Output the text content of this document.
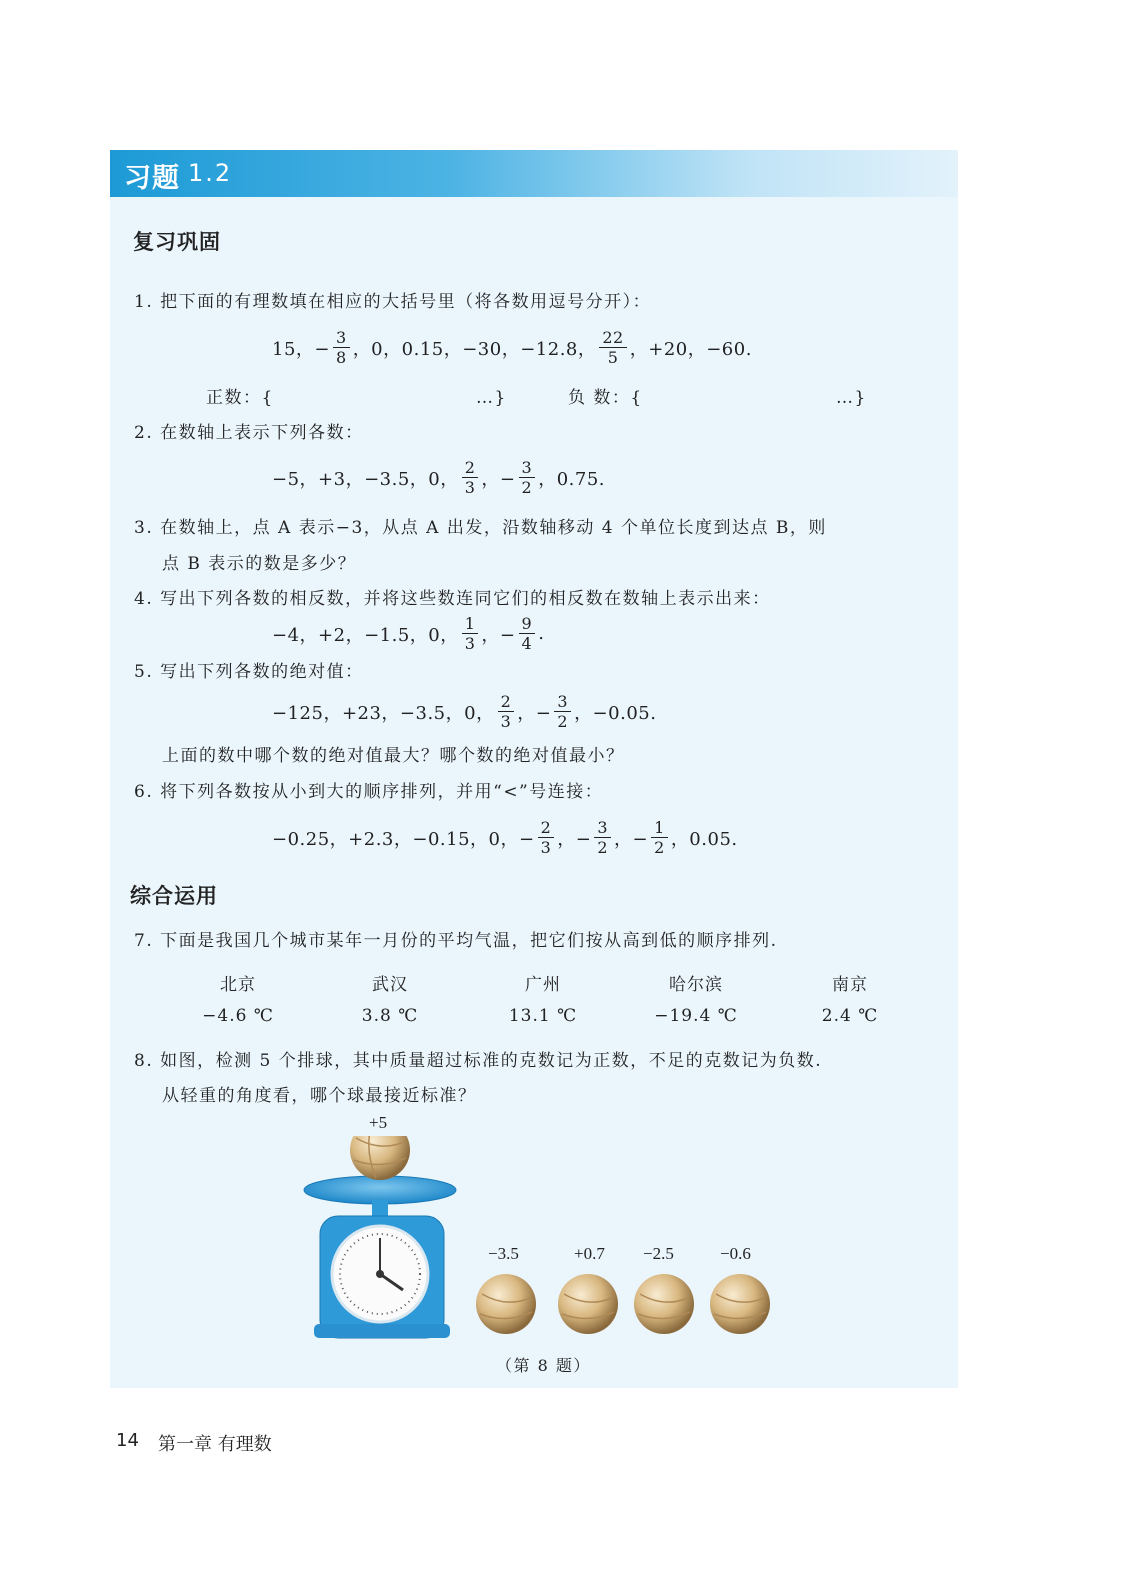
习题 1.2
复习巩固
1. 把下面的有理数填在相应的大括号里（将各数用逗号分开）：
15，− $\frac{3}{8}$ ，0，0.15，−30，−12.8， $\frac{22}{5}$ ，+20，−60.
正数：{	…}	负 数：{	…}
2. 在数轴上表示下列各数：
−5，+3，−3.5，0， $\frac{2}{3}$ ，− $\frac{3}{2}$ ，0.75.
3. 在数轴上，点 A 表示−3，从点 A 出发，沿数轴移动 4 个单位长度到达点 B，则
点 B 表示的数是多少？
4. 写出下列各数的相反数，并将这些数连同它们的相反数在数轴上表示出来：
−4，+2，−1.5，0， $\frac{1}{3}$ ，− $\frac{9}{4}$ .
5. 写出下列各数的绝对值：
−125，+23，−3.5，0， $\frac{2}{3}$ ，− $\frac{3}{2}$ ，−0.05.
上面的数中哪个数的绝对值最大？哪个数的绝对值最小？
6. 将下列各数按从小到大的顺序排列，并用“<”号连接：
−0.25，+2.3，−0.15，0，− $\frac{2}{3}$ ，− $\frac{3}{2}$ ，− $\frac{1}{2}$ ，0.05.
综合运用
7. 下面是我国几个城市某年一月份的平均气温，把它们按从高到低的顺序排列.
北京	武汉	广州	哈尔滨	南京
−4.6 ℃	3.8 ℃	13.1 ℃	−19.4 ℃	2.4 ℃
8. 如图，检测 5 个排球，其中质量超过标准的克数记为正数，不足的克数记为负数.
从轻重的角度看，哪个球最接近标准？
+5
−3.5	+0.7 −2.5	−0.6
（第 8 题）
14 第一章 有理数
